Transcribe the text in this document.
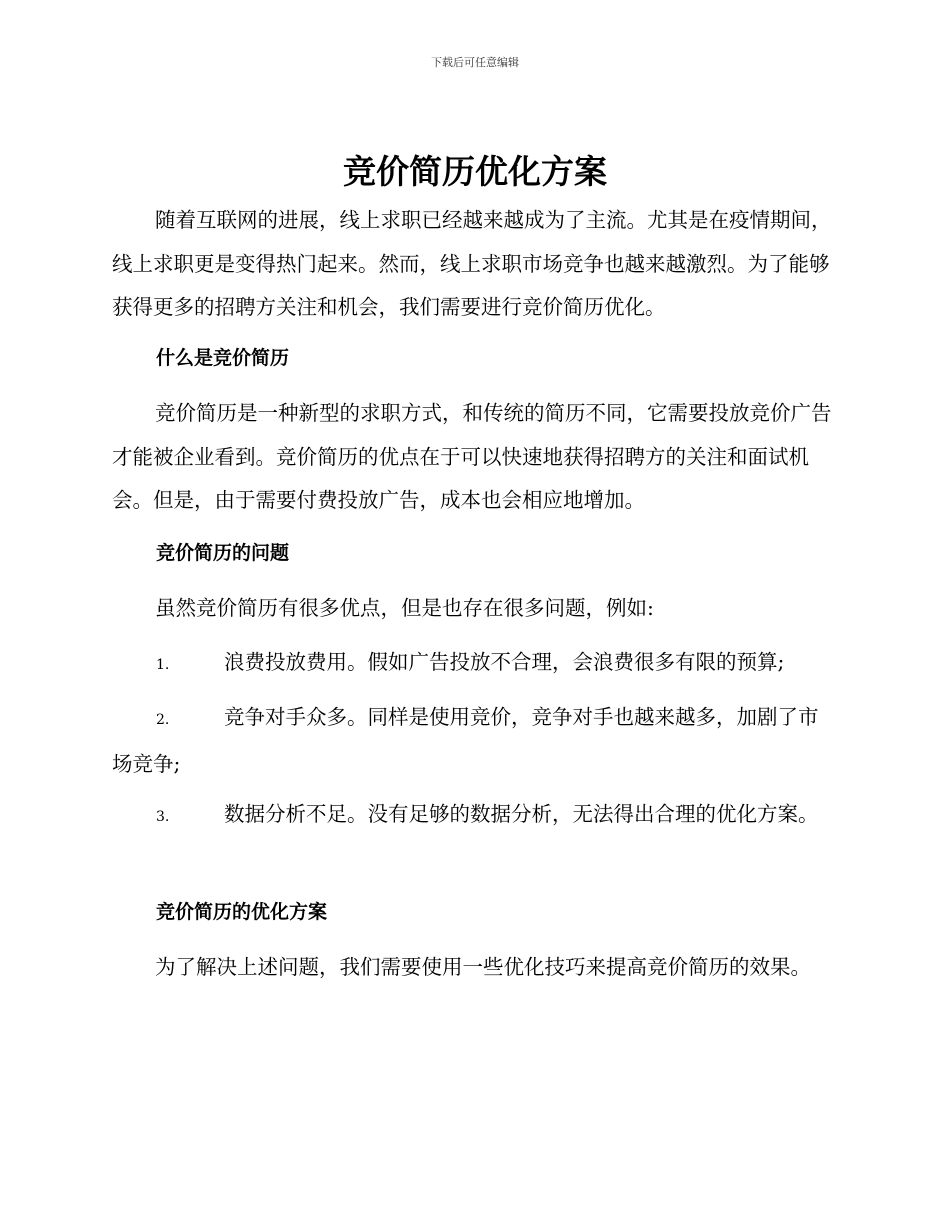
下载后可任意编辑
竞价简历优化方案

随着互联网的进展，线上求职已经越来越成为了主流。尤其是在疫情期间，线上求职更是变得热门起来。然而，线上求职市场竞争也越来越激烈。为了能够获得更多的招聘方关注和机会，我们需要进行竞价简历优化。

什么是竞价简历

竞价简历是一种新型的求职方式，和传统的简历不同，它需要投放竞价广告才能被企业看到。竞价简历的优点在于可以快速地获得招聘方的关注和面试机会。但是，由于需要付费投放广告，成本也会相应地增加。

竞价简历的问题

虽然竞价简历有很多优点，但是也存在很多问题，例如:

1.	浪费投放费用。假如广告投放不合理，会浪费很多有限的预算;
2.	竞争对手众多。同样是使用竞价，竞争对手也越来越多，加剧了市场竞争;
3.	数据分析不足。没有足够的数据分析，无法得出合理的优化方案。
竞价简历的优化方案

为了解决上述问题，我们需要使用一些优化技巧来提高竞价简历的效果。
